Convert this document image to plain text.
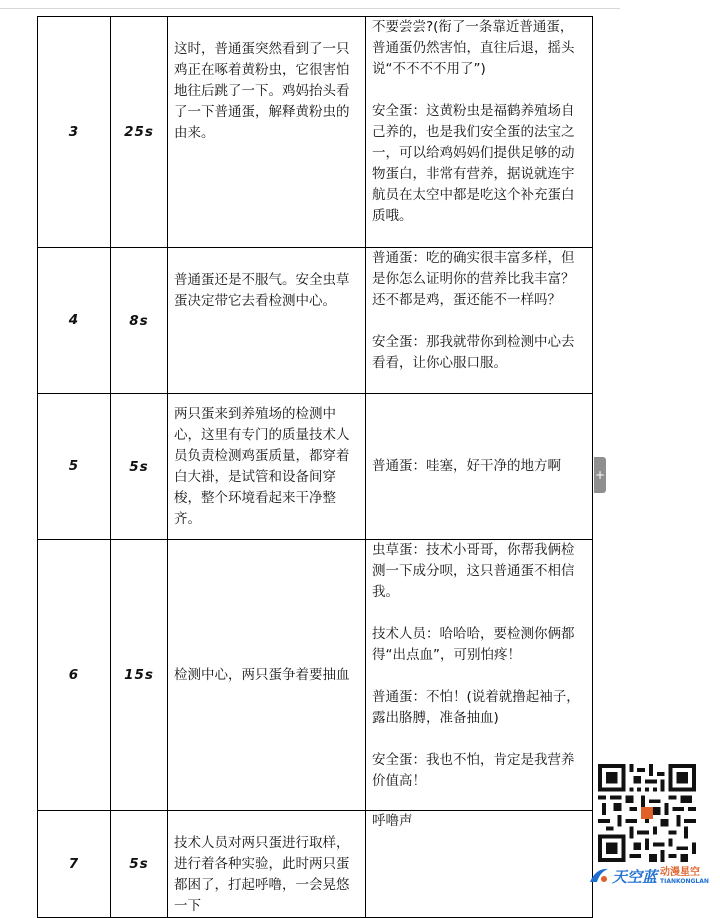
3	25s	这时，普通蛋突然看到了一只鸡正在啄着黄粉虫，它很害怕地往后跳了一下。鸡妈抬头看了一下普通蛋，解释黄粉虫的由来。	不要尝尝?(衔了一条靠近普通蛋，普通蛋仍然害怕，直往后退，摇头说“不不不不用了”)

安全蛋：这黄粉虫是福鹤养殖场自己养的，也是我们安全蛋的法宝之一，可以给鸡妈妈们提供足够的动物蛋白，非常有营养，据说就连宇航员在太空中都是吃这个补充蛋白质哦。

4	8s	普通蛋还是不服气。安全虫草蛋决定带它去看检测中心。	普通蛋：吃的确实很丰富多样，但是你怎么证明你的营养比我丰富？还不都是鸡，蛋还能不一样吗？

安全蛋：那我就带你到检测中心去看看，让你心服口服。

5	5s	两只蛋来到养殖场的检测中心，这里有专门的质量技术人员负责检测鸡蛋质量，都穿着白大褂，是试管和设备间穿梭，整个环境看起来干净整齐。	普通蛋：哇塞，好干净的地方啊

6	15s	检测中心，两只蛋争着要抽血	虫草蛋：技术小哥哥，你帮我俩检测一下成分呗，这只普通蛋不相信我。

技术人员：哈哈哈，要检测你俩都得“出点血”，可别怕疼！

普通蛋：不怕！(说着就撸起袖子，露出胳膊，准备抽血)

安全蛋：我也不怕，肯定是我营养价值高！

7	5s	技术人员对两只蛋进行取样，进行着各种实验，此时两只蛋都困了，打起呼噜，一会晃悠一下	呼噜声

+
天空蓝 动漫星空
TIANKONGLAN
